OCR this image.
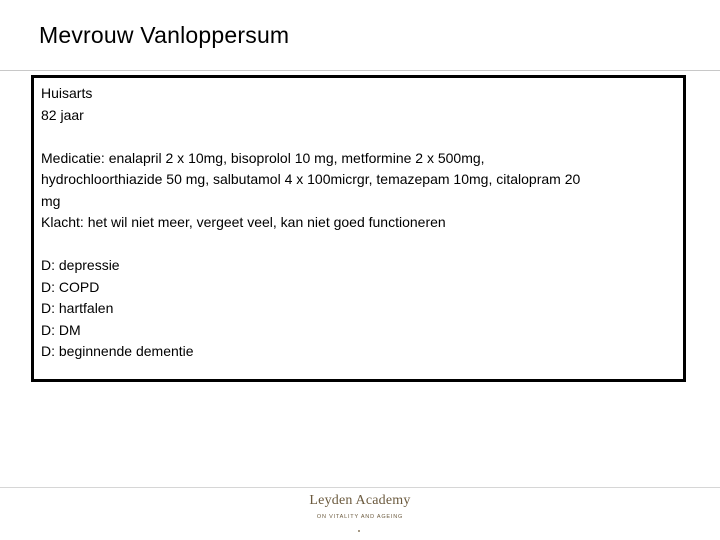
Mevrouw Vanloppersum
Huisarts
82 jaar
Medicatie: enalapril 2 x 10mg, bisoprolol 10 mg, metformine 2 x 500mg,
hydrochloorthiazide 50 mg, salbutamol 4 x 100micrgr, temazepam 10mg, citalopram 20
mg
Klacht: het wil niet meer, vergeet veel, kan niet goed functioneren
D: depressie
D: COPD
D: hartfalen
D: DM
D: beginnende dementie
Leyden Academy
ON VITALITY AND AGEING
